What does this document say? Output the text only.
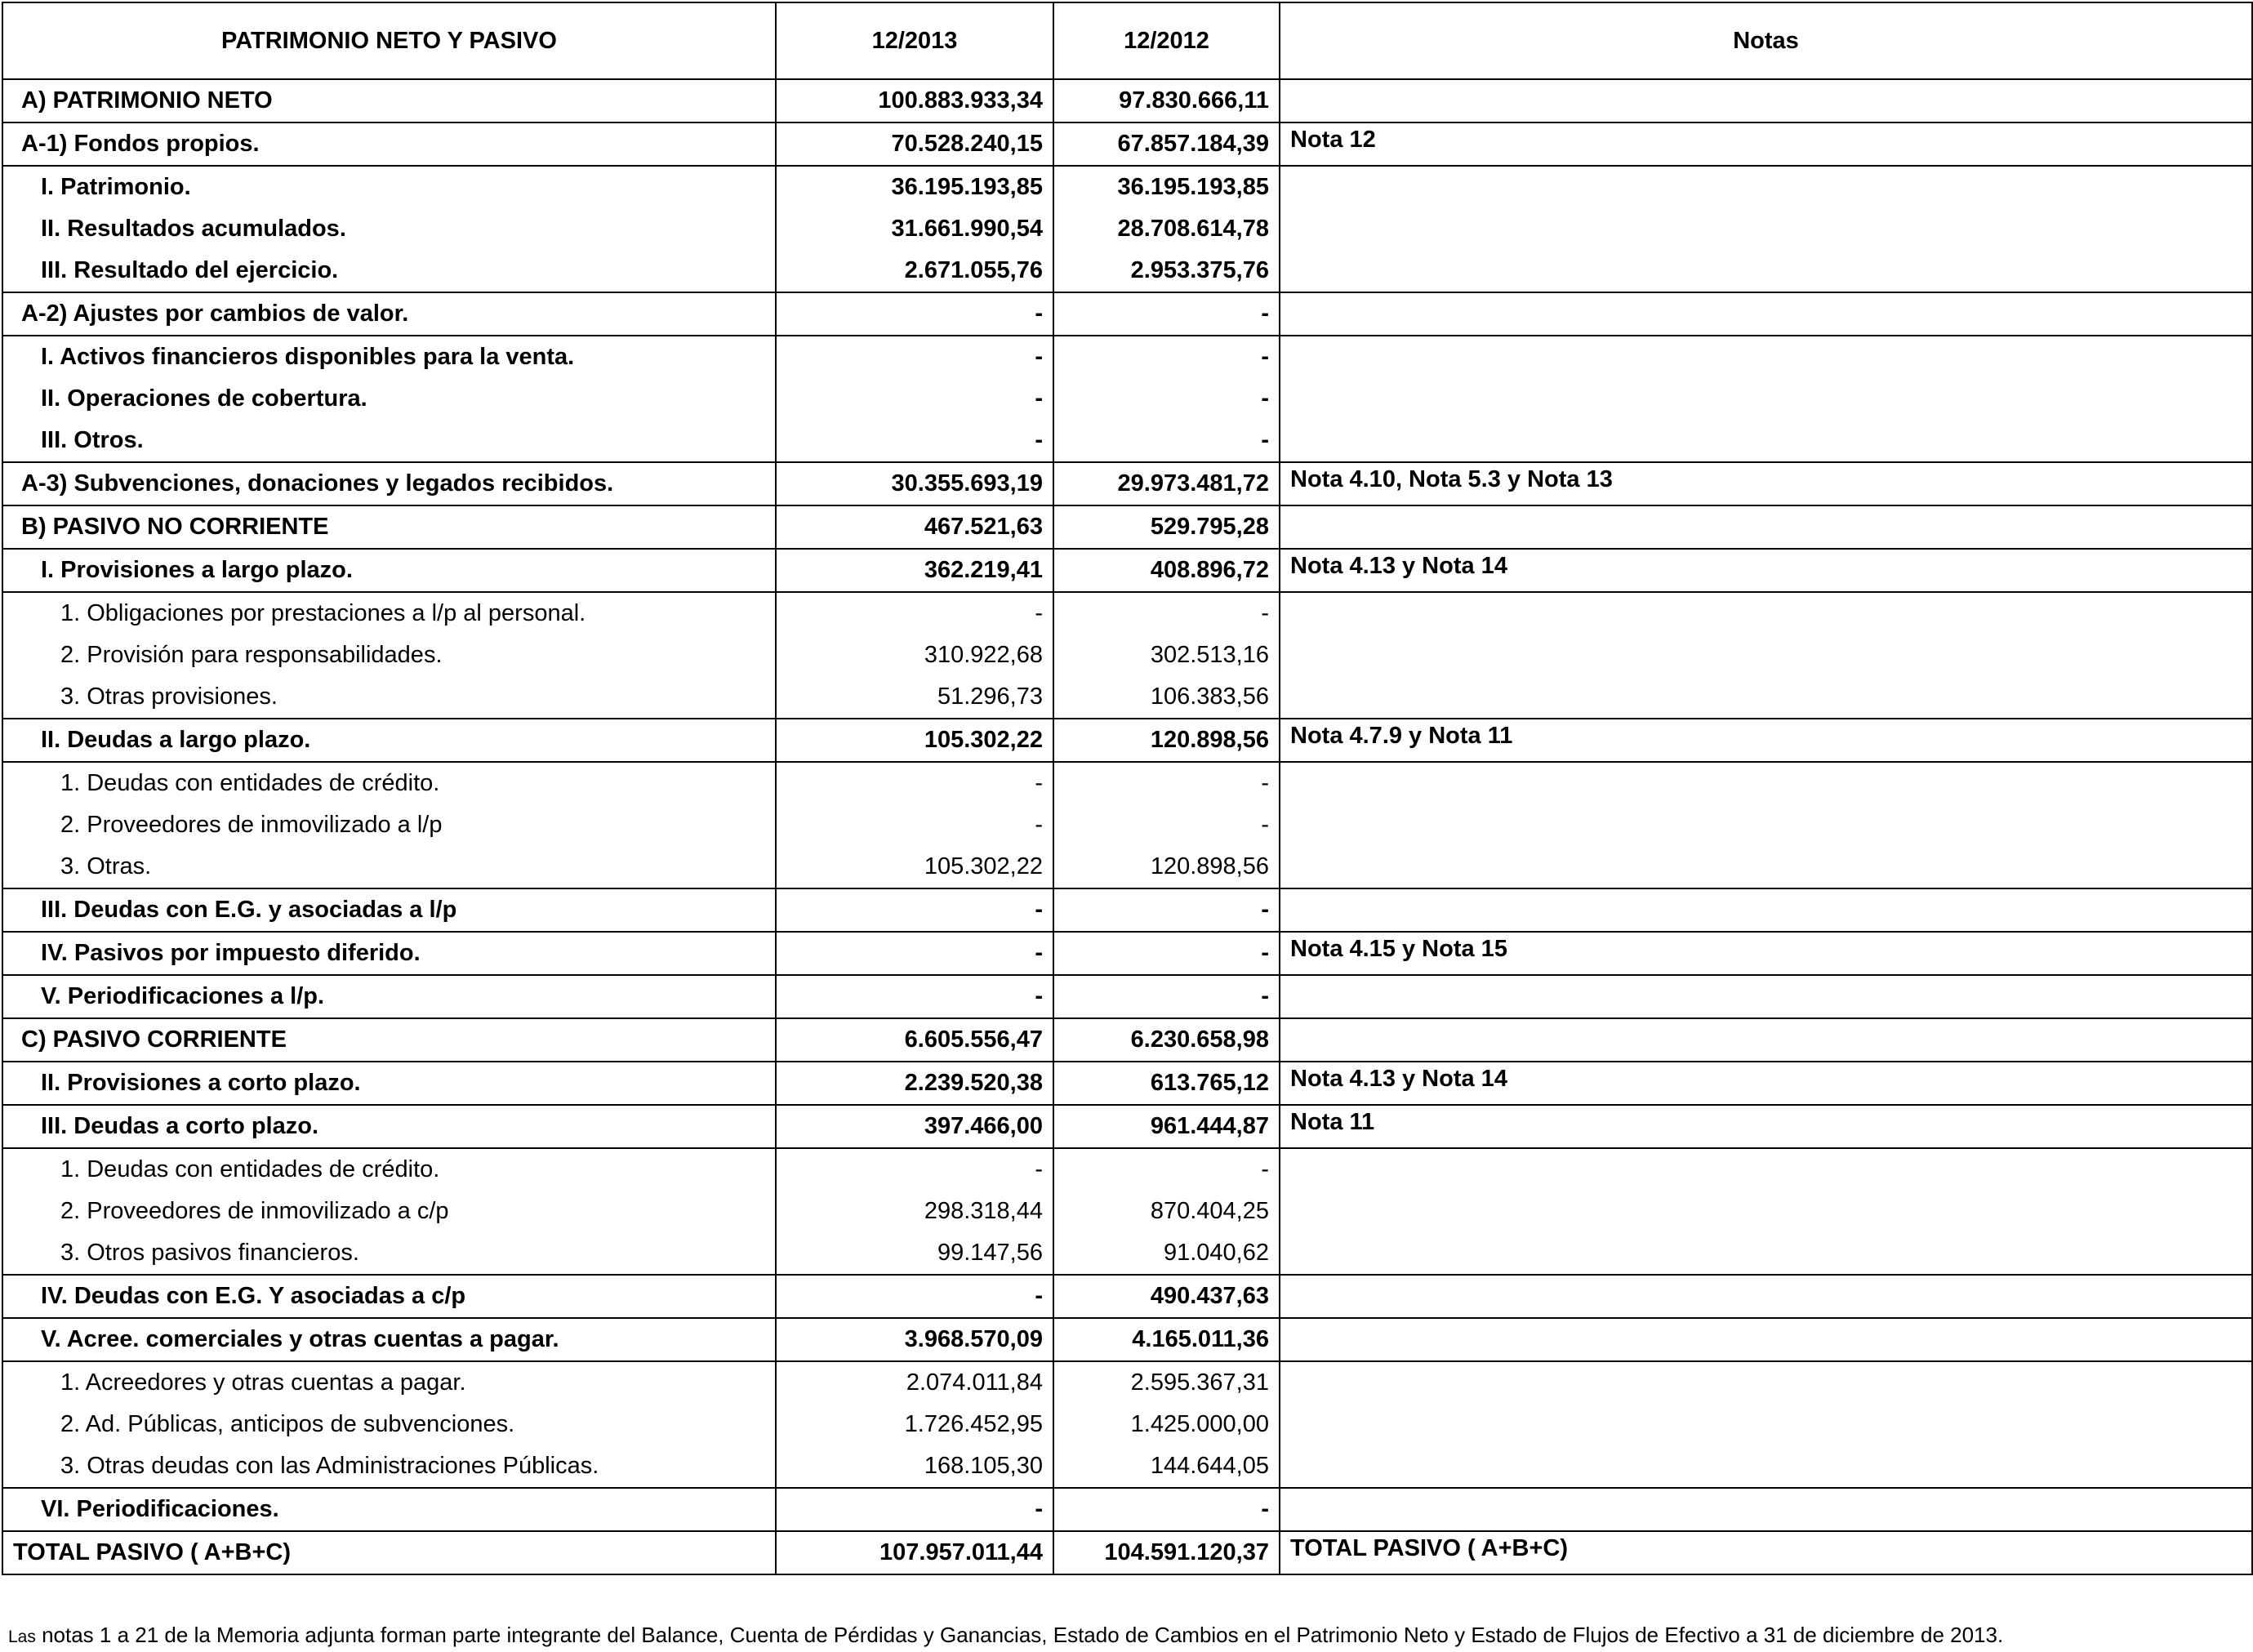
PATRIMONIO NETO Y PASIVO	12/2013	12/2012	Notas
A) PATRIMONIO NETO	100.883.933,34	97.830.666,11	
A-1) Fondos propios.	70.528.240,15	67.857.184,39	Nota 12
I. Patrimonio.	36.195.193,85	36.195.193,85	
II. Resultados acumulados.	31.661.990,54	28.708.614,78	
III. Resultado del ejercicio.	2.671.055,76	2.953.375,76	
A-2) Ajustes por cambios de valor.	-	-	
I. Activos financieros disponibles para la venta.	-	-	
II. Operaciones de cobertura.	-	-	
III. Otros.	-	-	
A-3) Subvenciones, donaciones y legados recibidos.	30.355.693,19	29.973.481,72	Nota 4.10, Nota 5.3 y Nota 13
B) PASIVO NO CORRIENTE	467.521,63	529.795,28	
I. Provisiones a largo plazo.	362.219,41	408.896,72	Nota 4.13 y Nota 14
1. Obligaciones por prestaciones a l/p al personal.	-	-	
2. Provisión para responsabilidades.	310.922,68	302.513,16	
3. Otras provisiones.	51.296,73	106.383,56	
II. Deudas a largo plazo.	105.302,22	120.898,56	Nota 4.7.9 y Nota 11
1. Deudas con entidades de crédito.	-	-	
2. Proveedores de inmovilizado a l/p	-	-	
3. Otras.	105.302,22	120.898,56	
III. Deudas con E.G. y asociadas a l/p	-	-	
IV. Pasivos por impuesto diferido.	-	-	Nota 4.15 y Nota 15
V. Periodificaciones a l/p.	-	-	
C) PASIVO CORRIENTE	6.605.556,47	6.230.658,98	
II. Provisiones a corto plazo.	2.239.520,38	613.765,12	Nota 4.13 y Nota 14
III. Deudas a corto plazo.	397.466,00	961.444,87	Nota 11
1. Deudas con entidades de crédito.	-	-	
2. Proveedores de inmovilizado a c/p	298.318,44	870.404,25	
3. Otros pasivos financieros.	99.147,56	91.040,62	
IV. Deudas con E.G. Y asociadas a c/p	-	490.437,63	
V. Acree. comerciales y otras cuentas a pagar.	3.968.570,09	4.165.011,36	
1. Acreedores y otras cuentas a pagar.	2.074.011,84	2.595.367,31	
2. Ad. Públicas, anticipos de subvenciones.	1.726.452,95	1.425.000,00	
3. Otras deudas con las Administraciones Públicas.	168.105,30	144.644,05	
VI. Periodificaciones.	-	-	
TOTAL PASIVO ( A+B+C)	107.957.011,44	104.591.120,37	TOTAL PASIVO ( A+B+C)
Las notas 1 a 21 de la Memoria adjunta forman parte integrante del Balance, Cuenta de Pérdidas y Ganancias, Estado de Cambios en el Patrimonio Neto y Estado de Flujos de Efectivo a 31 de diciembre de 2013.
